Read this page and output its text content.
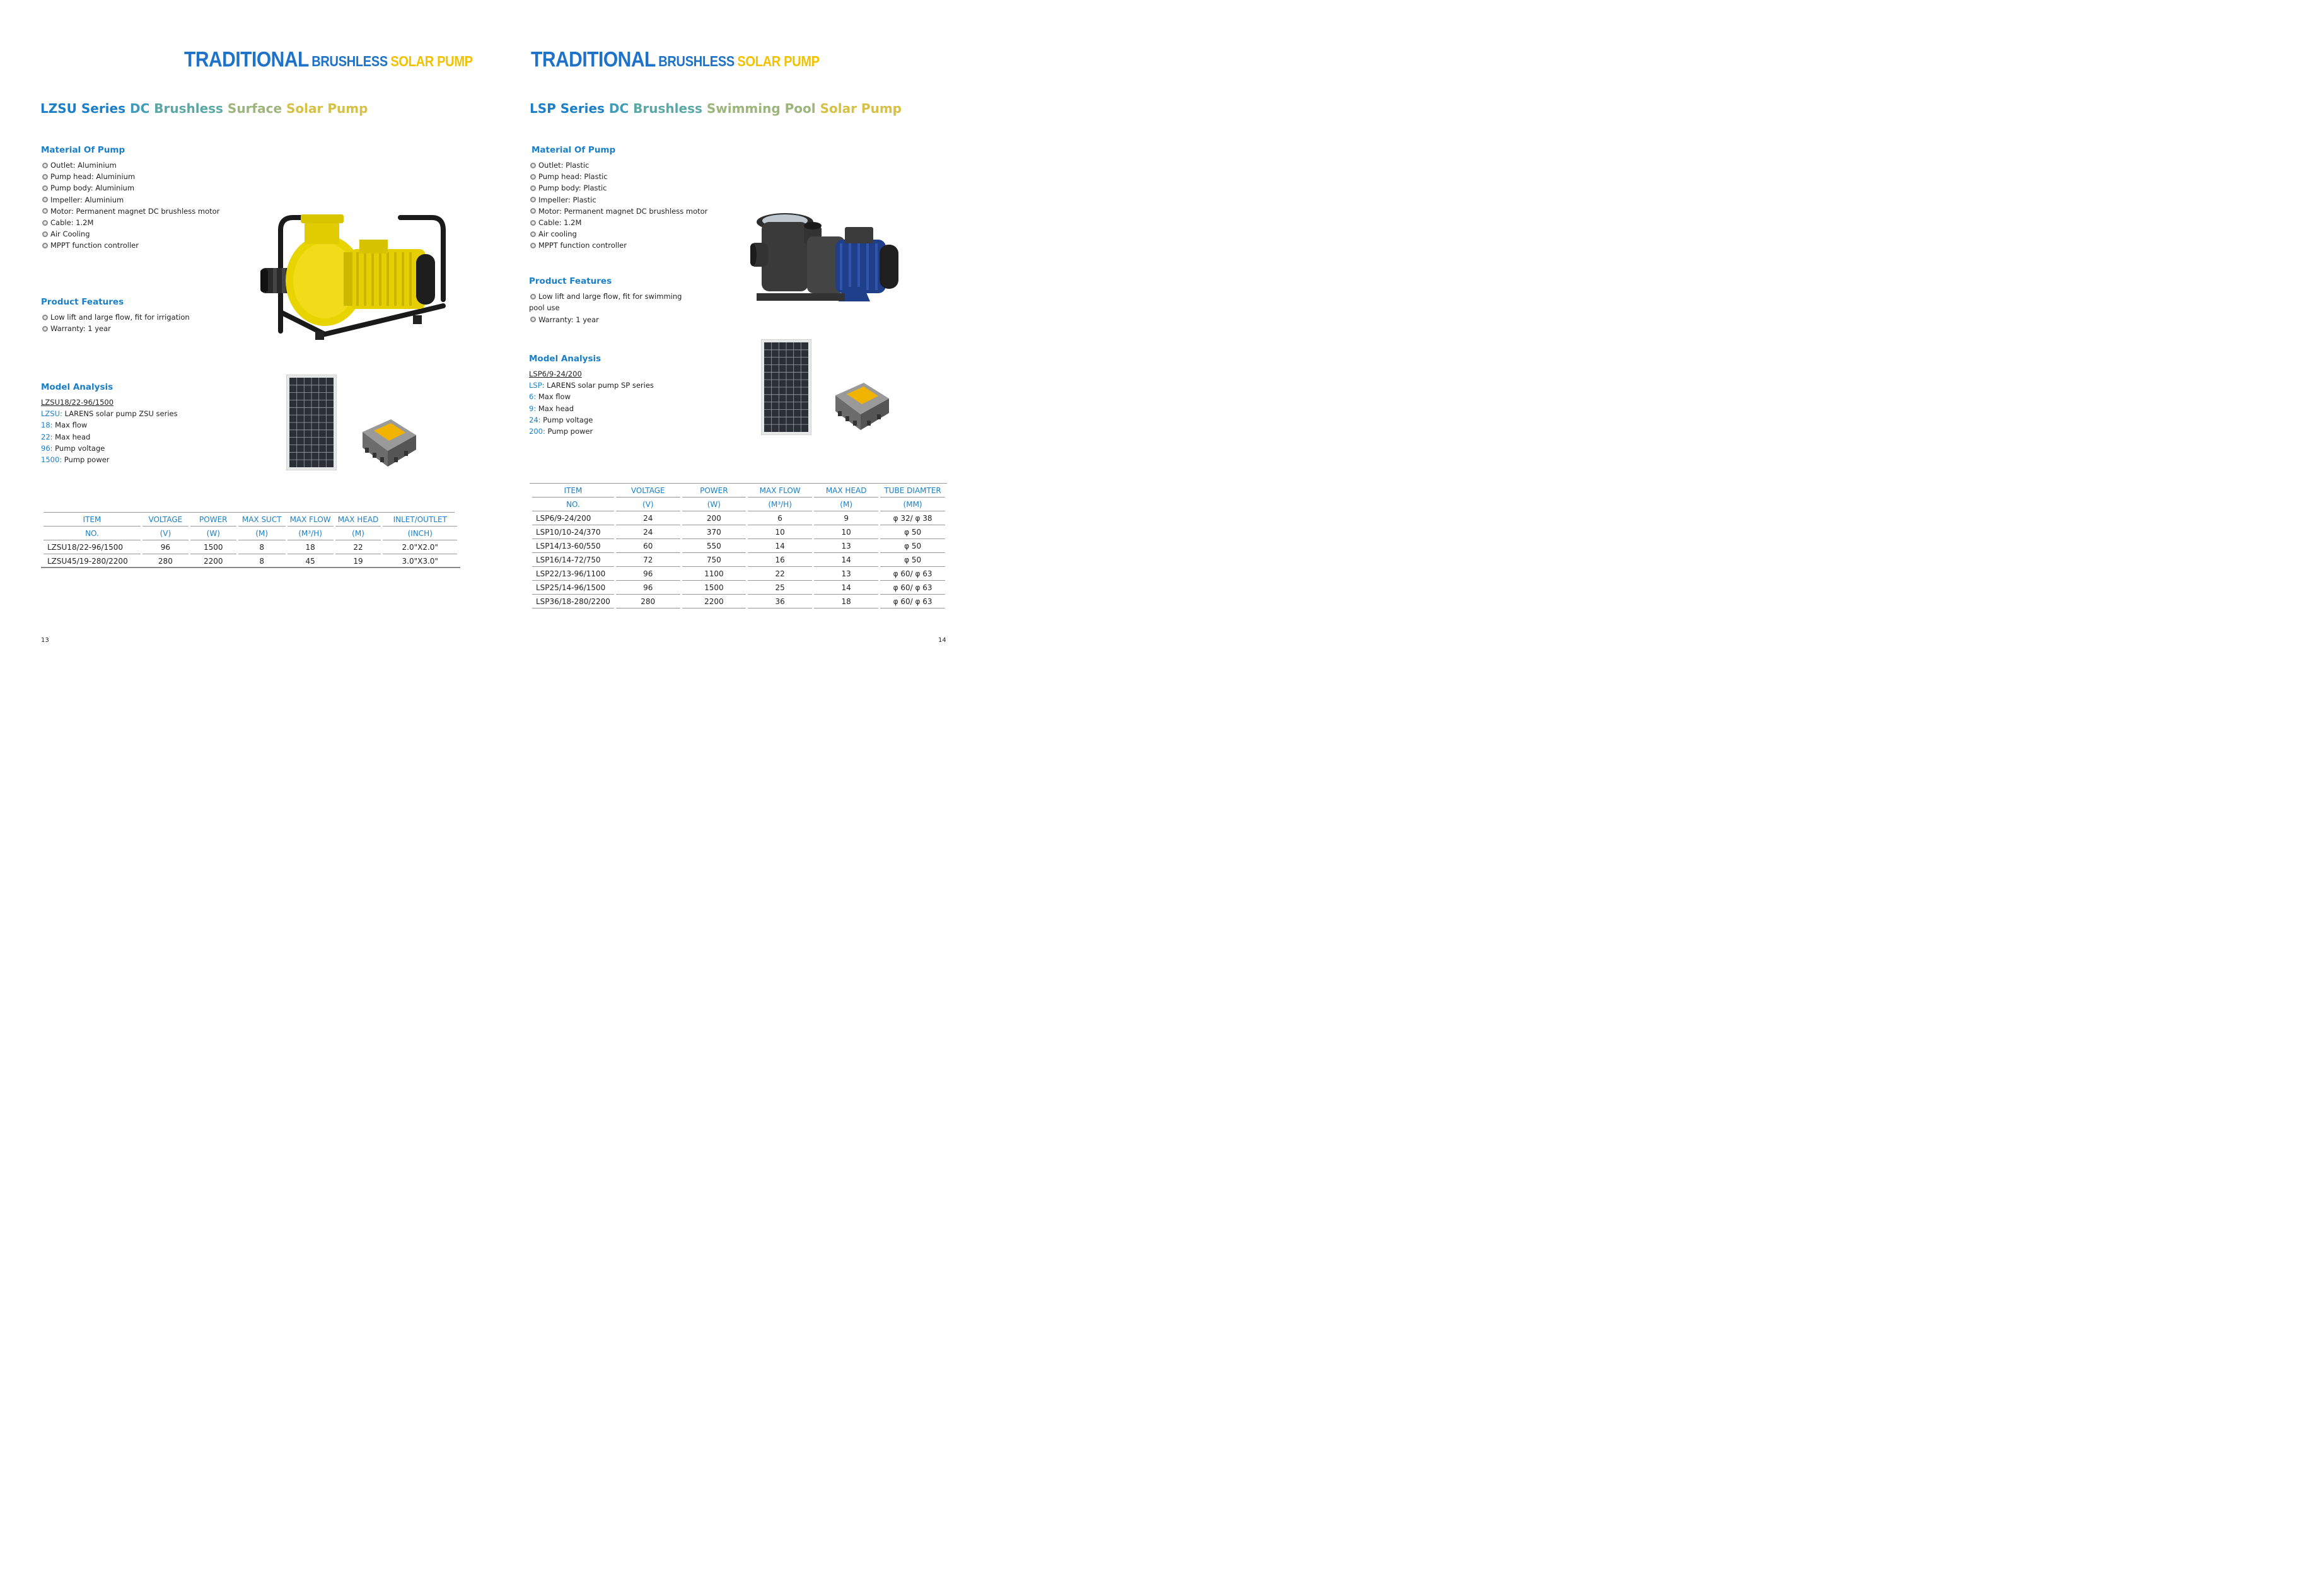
TRADITIONAL BRUSHLESS SOLAR PUMP
LZSU Series DC Brushless Surface Solar Pump
Material Of Pump
Outlet: Aluminium
Pump head: Aluminium
Pump body: Aluminium
Impeller: Aluminium
Motor: Permanent magnet DC brushless motor
Cable: 1.2M
Air Cooling
MPPT function controller
Product Features
Low lift and large flow, fit for irrigation
Warranty: 1 year
Model Analysis
LZSU18/22-96/1500
LZSU: LARENS solar pump ZSU series
18: Max flow
22: Max head
96: Pump voltage
1500: Pump power
ITEM	VOLTAGE	POWER	MAX SUCT	MAX FLOW	MAX HEAD	INLET/OUTLET
NO.	(V)	(W)	(M)	(M³/H)	(M)	(INCH)
LZSU18/22-96/1500	96	1500	8	18	22	2.0"X2.0"
LZSU45/19-280/2200	280	2200	8	45	19	3.0"X3.0"
13
TRADITIONAL BRUSHLESS SOLAR PUMP
LSP Series DC Brushless Swimming Pool Solar Pump
Material Of Pump
Outlet: Plastic
Pump head: Plastic
Pump body: Plastic
Impeller: Plastic
Motor: Permanent magnet DC brushless motor
Cable: 1.2M
Air cooling
MPPT function controller
Product Features
Low lift and large flow, fit for swimming
pool use
Warranty: 1 year
Model Analysis
LSP6/9-24/200
LSP: LARENS solar pump SP series
6: Max flow
9: Max head
24: Pump voltage
200: Pump power
ITEM	VOLTAGE	POWER	MAX FLOW	MAX HEAD	TUBE DIAMTER
NO.	(V)	(W)	(M³/H)	(M)	(MM)
LSP6/9-24/200	24	200	6	9	φ 32/ φ 38
LSP10/10-24/370	24	370	10	10	φ 50
LSP14/13-60/550	60	550	14	13	φ 50
LSP16/14-72/750	72	750	16	14	φ 50
LSP22/13-96/1100	96	1100	22	13	φ 60/ φ 63
LSP25/14-96/1500	96	1500	25	14	φ 60/ φ 63
LSP36/18-280/2200	280	2200	36	18	φ 60/ φ 63
14
